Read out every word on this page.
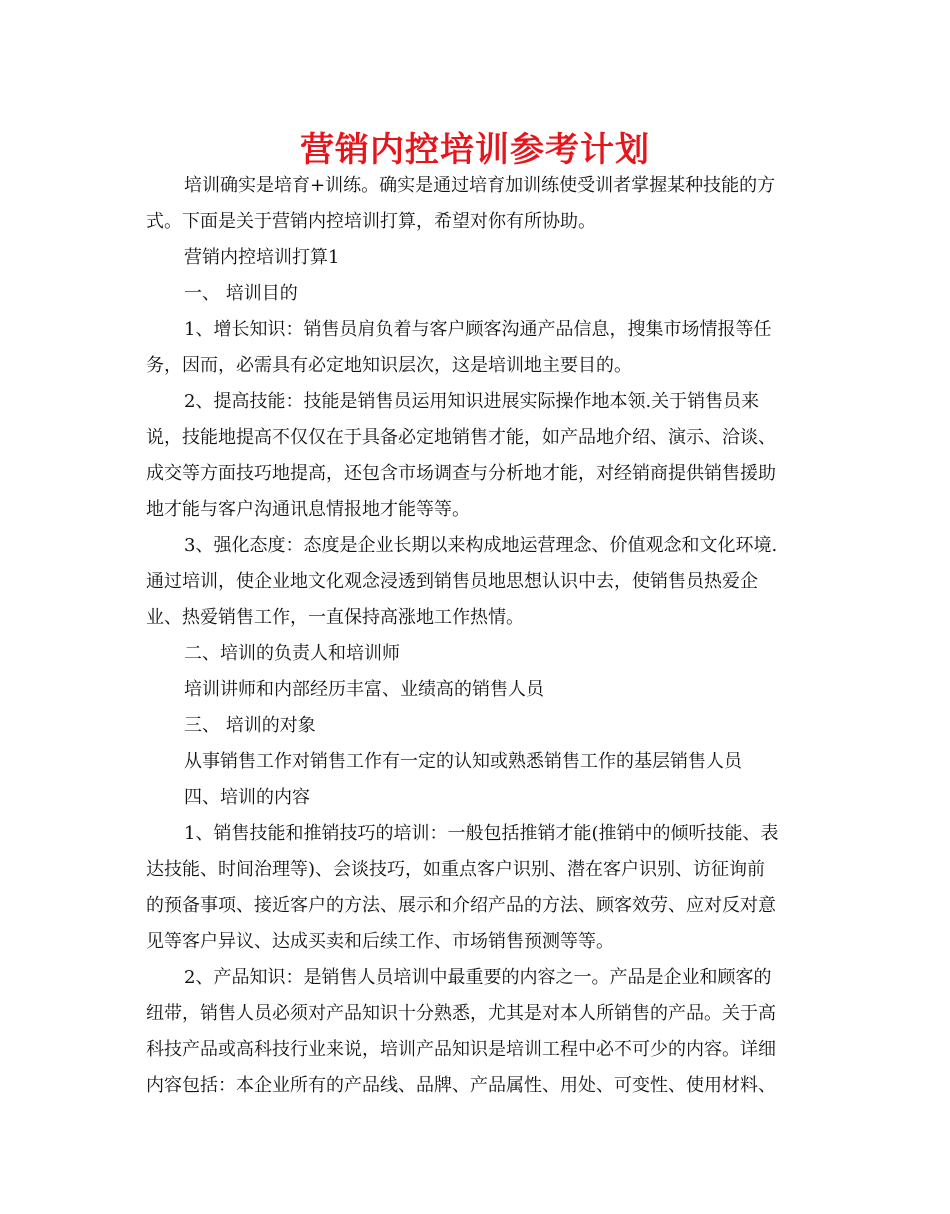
营销内控培训参考计划
培训确实是培育+训练。确实是通过培育加训练使受训者掌握某种技能的方
式。下面是关于营销内控培训打算，希望对你有所协助。
营销内控培训打算1
一、 培训目的
1、增长知识：销售员肩负着与客户顾客沟通产品信息，搜集市场情报等任
务，因而，必需具有必定地知识层次，这是培训地主要目的。
2、提高技能：技能是销售员运用知识进展实际操作地本领.关于销售员来
说，技能地提高不仅仅在于具备必定地销售才能，如产品地介绍、演示、洽谈、
成交等方面技巧地提高，还包含市场调查与分析地才能，对经销商提供销售援助
地才能与客户沟通讯息情报地才能等等。
3、强化态度：态度是企业长期以来构成地运营理念、价值观念和文化环境.
通过培训，使企业地文化观念浸透到销售员地思想认识中去，使销售员热爱企
业、热爱销售工作，一直保持高涨地工作热情。
二、培训的负责人和培训师
培训讲师和内部经历丰富、业绩高的销售人员
三、 培训的对象
从事销售工作对销售工作有一定的认知或熟悉销售工作的基层销售人员
四、培训的内容
1、销售技能和推销技巧的培训：一般包括推销才能(推销中的倾听技能、表
达技能、时间治理等)、会谈技巧，如重点客户识别、潜在客户识别、访征询前
的预备事项、接近客户的方法、展示和介绍产品的方法、顾客效劳、应对反对意
见等客户异议、达成买卖和后续工作、市场销售预测等等。
2、产品知识：是销售人员培训中最重要的内容之一。产品是企业和顾客的
纽带，销售人员必须对产品知识十分熟悉，尤其是对本人所销售的产品。关于高
科技产品或高科技行业来说，培训产品知识是培训工程中必不可少的内容。详细
内容包括：本企业所有的产品线、品牌、产品属性、用处、可变性、使用材料、
